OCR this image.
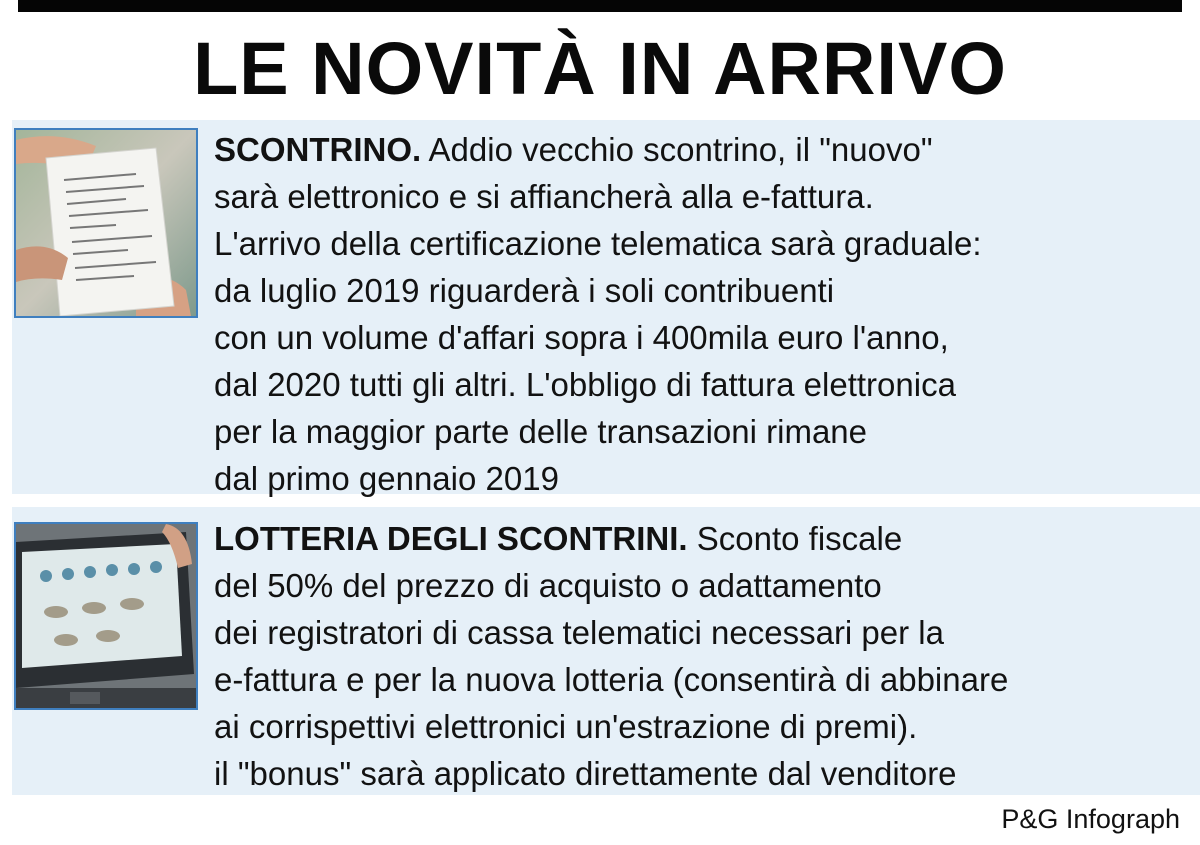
LE NOVITÀ IN ARRIVO
SCONTRINO. Addio vecchio scontrino, il "nuovo"
sarà elettronico e si affiancherà alla e-fattura.
L'arrivo della certificazione telematica sarà graduale:
da luglio 2019 riguarderà i soli contribuenti
con un volume d'affari sopra i 400mila euro l'anno,
dal 2020 tutti gli altri. L'obbligo di fattura elettronica
per la maggior parte delle transazioni rimane
dal primo gennaio 2019
LOTTERIA DEGLI SCONTRINI. Sconto fiscale
del 50% del prezzo di acquisto o adattamento
dei registratori di cassa telematici necessari per la
e-fattura e per la nuova lotteria (consentirà di abbinare
ai corrispettivi elettronici un'estrazione di premi).
il "bonus" sarà applicato direttamente dal venditore
P&G Infograph
